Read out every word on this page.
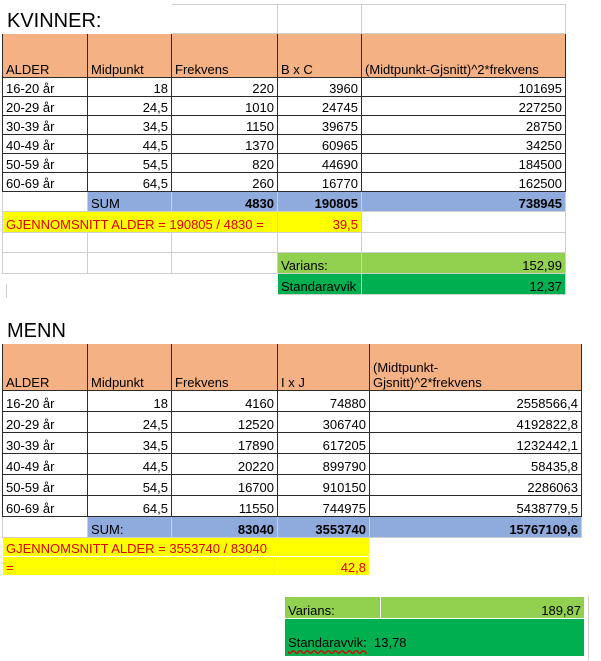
KVINNER:				
ALDER	Midpunkt	Frekvens	B x C	(Midtpunkt-Gjsnitt)^2*frekvens
16-20 år	18	220	3960	101695
20-29 år	24,5	1010	24745	227250
30-39 år	34,5	1150	39675	28750
40-49 år	44,5	1370	60965	34250
50-59 år	54,5	820	44690	184500
60-69 år	64,5	260	16770	162500
	SUM	4830	190805	738945
GJENNOMSNITT ALDER = 190805 / 4830 =			39,5	

			Varians:	152,99
			Standaravvik	12,37
MENN				
ALDER	Midpunkt	Frekvens	I x J	(Midtpunkt-
Gjsnitt)^2*frekvens
16-20 år	18	4160	74880	2558566,4
20-29 år	24,5	12520	306740	4192822,8
30-39 år	34,5	17890	617205	1232442,1
40-49 år	44,5	20220	899790	58435,8
50-59 år	54,5	16700	910150	2286063
60-69 år	64,5	11550	744975	5438779,5
	SUM:	83040	3553740	15767109,6
GJENNOMSNITT ALDER = 3553740 / 83040				
=			42,8	
Varians:	189,87
Standaravvik: 13,78
